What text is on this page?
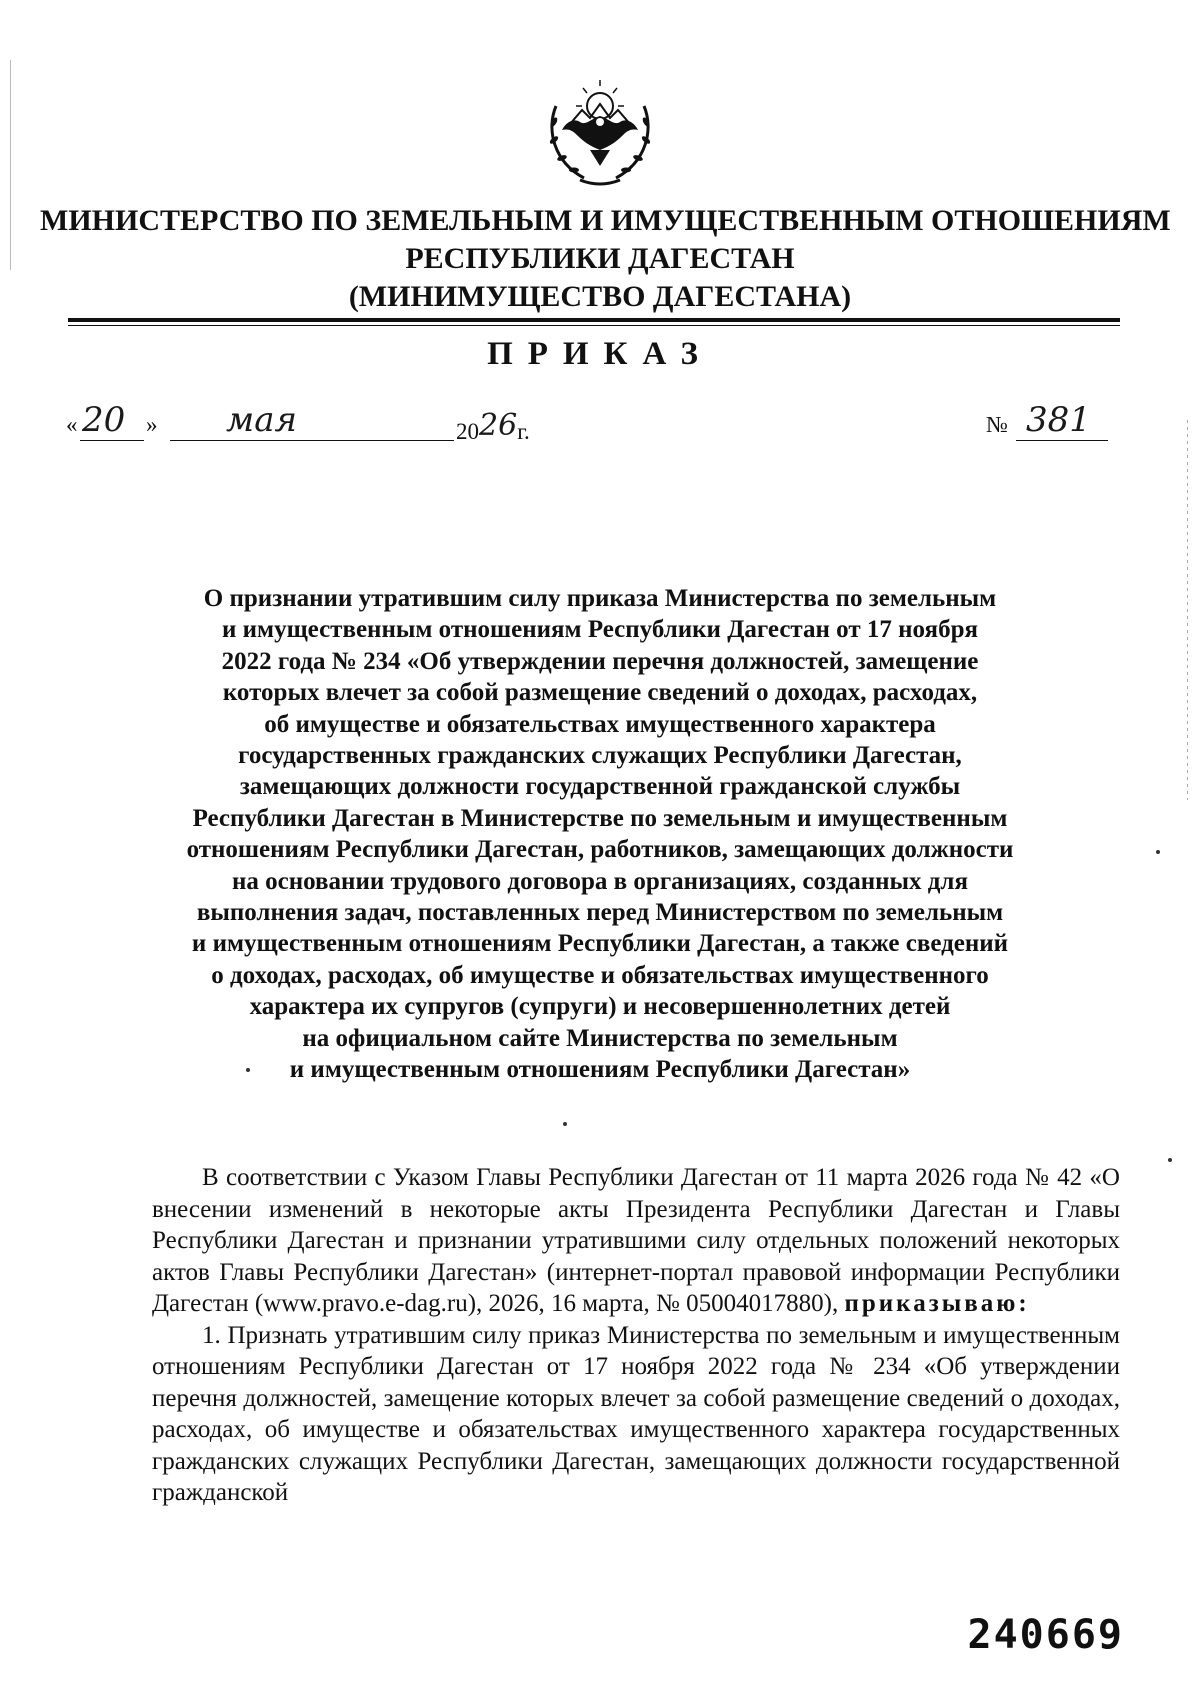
МИНИСТЕРСТВО ПО ЗЕМЕЛЬНЫМ И ИМУЩЕСТВЕННЫМ ОТНОШЕНИЯМ
РЕСПУБЛИКИ ДАГЕСТАН
(МИНИМУЩЕСТВО ДАГЕСТАНА)
ПРИКАЗ
« 20 » мая	2026г.	№ 381
О признании утратившим силу приказа Министерства по земельным
и имущественным отношениям Республики Дагестан от 17 ноября
2022 года № 234 «Об утверждении перечня должностей, замещение
которых влечет за собой размещение сведений о доходах, расходах,
об имуществе и обязательствах имущественного характера
государственных гражданских служащих Республики Дагестан,
замещающих должности государственной гражданской службы
Республики Дагестан в Министерстве по земельным и имущественным
отношениям Республики Дагестан, работников, замещающих должности
на основании трудового договора в организациях, созданных для
выполнения задач, поставленных перед Министерством по земельным
и имущественным отношениям Республики Дагестан, а также сведений
о доходах, расходах, об имуществе и обязательствах имущественного
характера их супругов (супруги) и несовершеннолетних детей
на официальном сайте Министерства по земельным
и имущественным отношениям Республики Дагестан»

В соответствии с Указом Главы Республики Дагестан от 11 марта 2026 года № 42 «О внесении изменений в некоторые акты Президента Республики Дагестан и Главы Республики Дагестан и признании утратившими силу отдельных положений некоторых актов Главы Республики Дагестан» (интернет-портал правовой информации Республики Дагестан (www.pravo.e-dag.ru), 2026, 16 марта, № 05004017880), приказываю:

1. Признать утратившим силу приказ Министерства по земельным и имущественным отношениям Республики Дагестан от 17 ноября 2022 года № 234 «Об утверждении перечня должностей, замещение которых влечет за собой размещение сведений о доходах, расходах, об имуществе и обязательствах имущественного характера государственных гражданских служащих Республики Дагестан, замещающих должности государственной гражданской

240669
